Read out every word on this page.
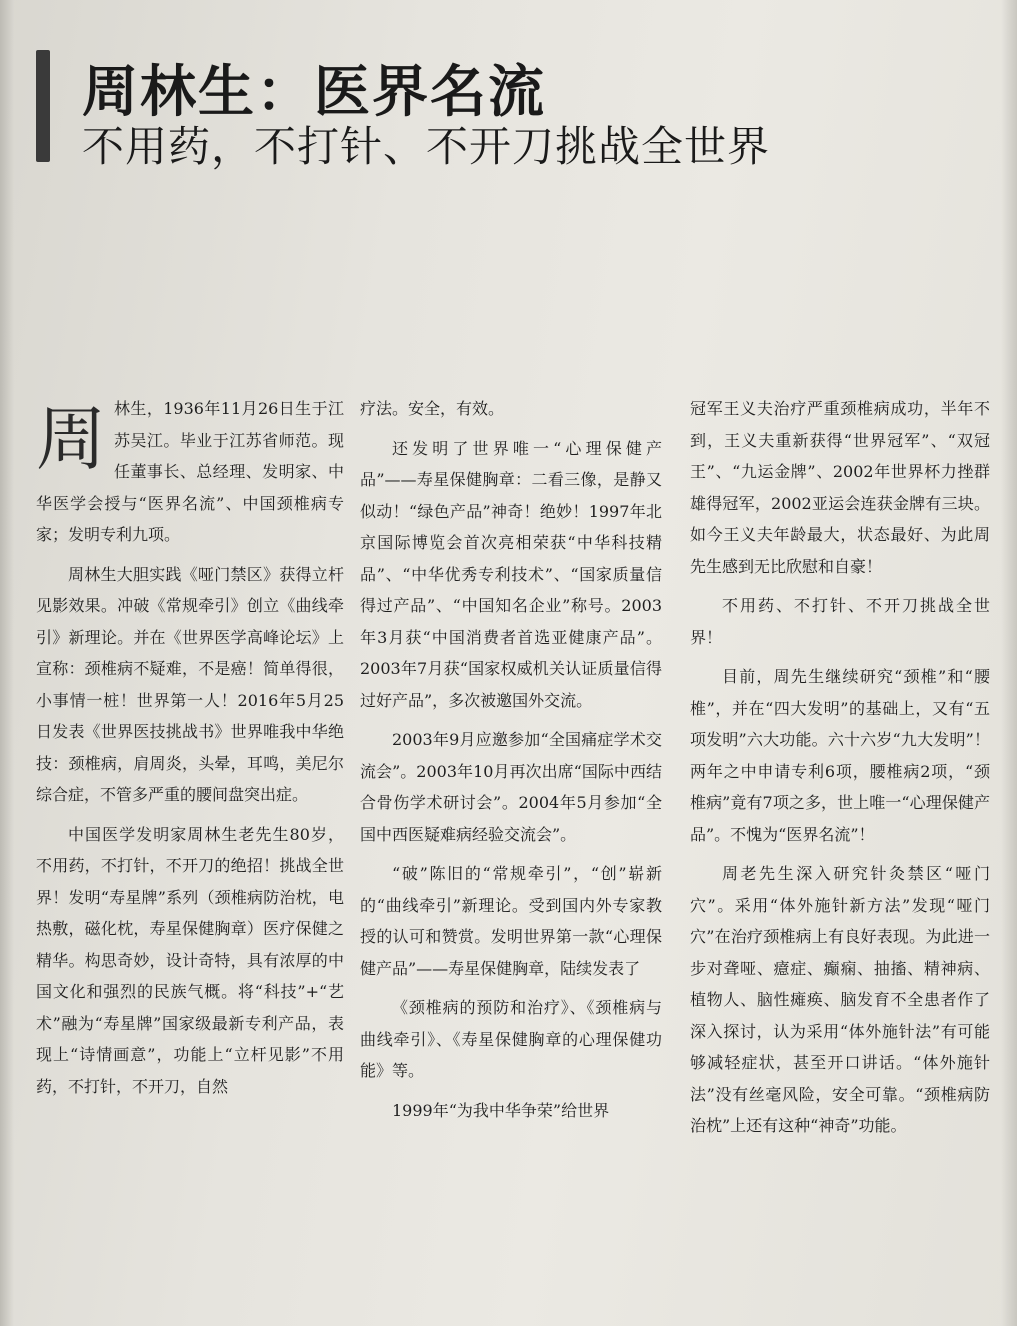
周林生：医界名流
不用药，不打针、不开刀挑战全世界

周林生，1936年11月26日生于江苏吴江。毕业于江苏省师范。现任董事长、总经理、发明家、中华医学会授与“医界名流”、中国颈椎病专家；发明专利九项。

周林生大胆实践《哑门禁区》获得立杆见影效果。冲破《常规牵引》创立《曲线牵引》新理论。并在《世界医学高峰论坛》上宣称：颈椎病不疑难，不是癌！简单得很，小事情一桩！世界第一人！2016年5月25日发表《世界医技挑战书》世界唯我中华绝技：颈椎病，肩周炎，头晕，耳鸣，美尼尔综合症，不管多严重的腰间盘突出症。

中国医学发明家周林生老先生80岁，不用药，不打针，不开刀的绝招！挑战全世界！发明“寿星牌”系列（颈椎病防治枕，电热敷，磁化枕，寿星保健胸章）医疗保健之精华。构思奇妙，设计奇特，具有浓厚的中国文化和强烈的民族气概。将“科技”+“艺术”融为“寿星牌”国家级最新专利产品，表现上“诗情画意”，功能上“立杆见影”不用药，不打针，不开刀，自然

疗法。安全，有效。

还发明了世界唯一“心理保健产品”——寿星保健胸章：二看三像，是静又似动！“绿色产品”神奇！绝妙！1997年北京国际博览会首次亮相荣获“中华科技精品”、“中华优秀专利技术”、“国家质量信得过产品”、“中国知名企业”称号。2003年3月获“中国消费者首选亚健康产品”。2003年7月获“国家权威机关认证质量信得过好产品”，多次被邀国外交流。

2003年9月应邀参加“全国痛症学术交流会”。2003年10月再次出席“国际中西结合骨伤学术研讨会”。2004年5月参加“全国中西医疑难病经验交流会”。

“破”陈旧的“常规牵引”，“创”崭新的“曲线牵引”新理论。受到国内外专家教授的认可和赞赏。发明世界第一款“心理保健产品”——寿星保健胸章，陆续发表了

《颈椎病的预防和治疗》、《颈椎病与曲线牵引》、《寿星保健胸章的心理保健功能》等。

1999年“为我中华争荣”给世界

冠军王义夫治疗严重颈椎病成功，半年不到，王义夫重新获得“世界冠军”、“双冠王”、“九运金牌”、2002年世界杯力挫群雄得冠军，2002亚运会连获金牌有三块。如今王义夫年龄最大，状态最好、为此周先生感到无比欣慰和自豪！

不用药、不打针、不开刀挑战全世界！

目前，周先生继续研究“颈椎”和“腰椎”，并在“四大发明”的基础上，又有“五项发明”六大功能。六十六岁“九大发明”！两年之中申请专利6项，腰椎病2项，“颈椎病”竟有7项之多，世上唯一“心理保健产品”。不愧为“医界名流”！

周老先生深入研究针灸禁区“哑门穴”。采用“体外施针新方法”发现“哑门穴”在治疗颈椎病上有良好表现。为此进一步对聋哑、癔症、癫痫、抽搐、精神病、植物人、脑性瘫痪、脑发育不全患者作了深入探讨，认为采用“体外施针法”有可能够减轻症状，甚至开口讲话。“体外施针法”没有丝毫风险，安全可靠。“颈椎病防治枕”上还有这种“神奇”功能。
